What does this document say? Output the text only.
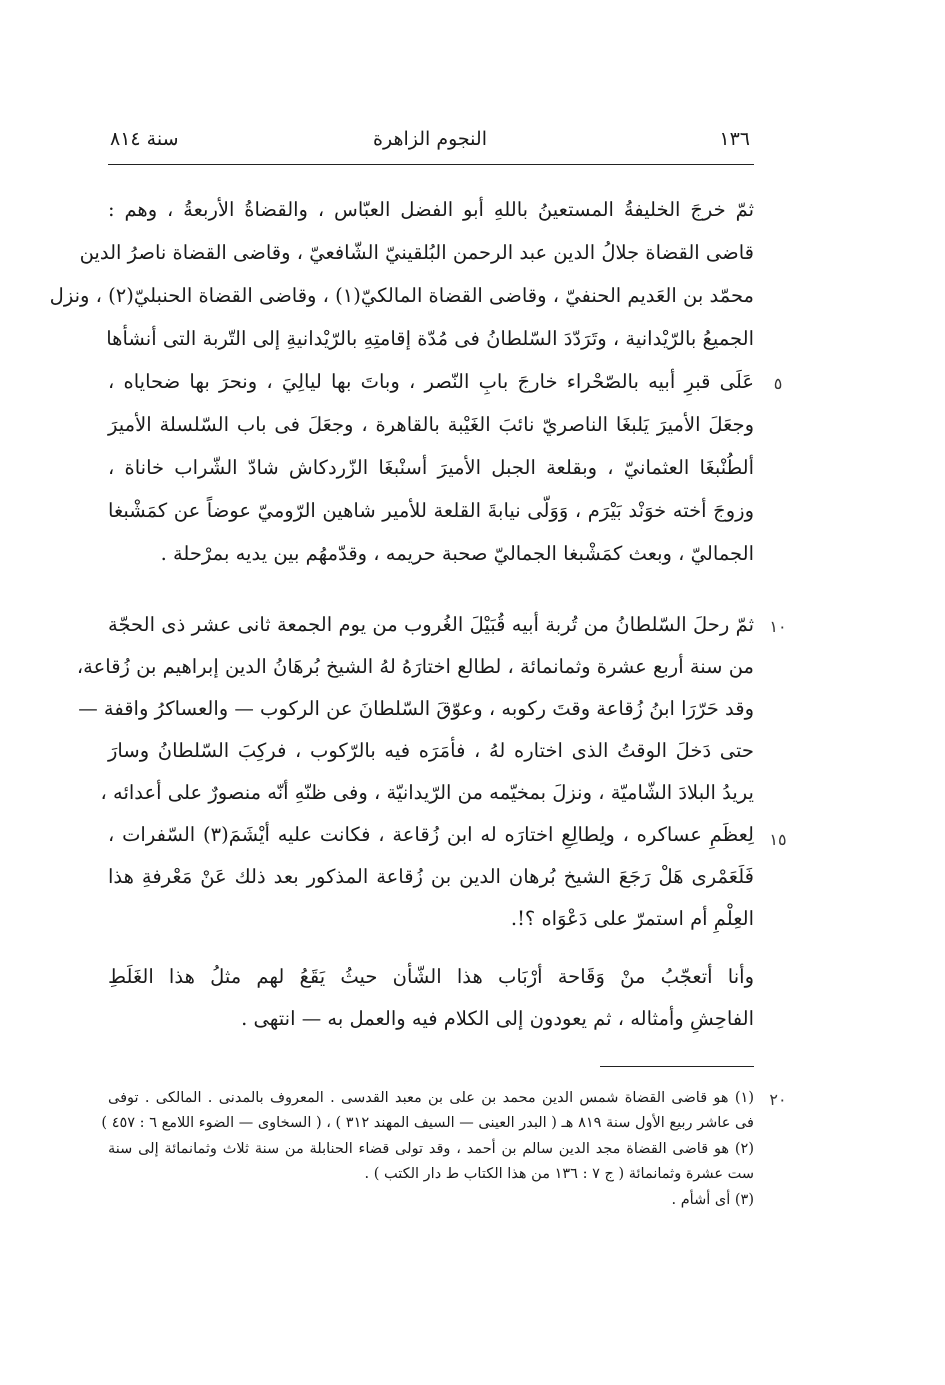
١٣٦
النجوم الزاهرة
سنة ٨١٤
ثمّ خرجَ الخليفةُ المستعينُ باللهِ أبو الفضل العبّاس ، والقضاةُ الأربعةُ ، وهم :
قاضى القضاة جلالُ الدين عبد الرحمن البُلقينيّ الشّافعيّ ، وقاضى القضاة ناصرُ الدين
محمّد بن العَديم الحنفيّ ، وقاضى القضاة المالكيّ(١) ، وقاضى القضاة الحنبليّ(٢) ، ونزل
الجميعُ بالرّيْدانية ، وتَرَدّدَ السّلطانُ فى مُدّة إقامتِهِ بالرّيْدانيةِ إلى التّربة التى أنشأها
عَلَى قبرِ أبيه بالصّحْراء خارجَ بابِ النّصر ، وباتَ بها ليالِيَ ، ونحرَ بها ضحاياه ،
وجعَلَ الأميرَ يَلبغَا الناصريّ نائبَ الغَيْبة بالقاهرة ، وجعَلَ فى باب السّلسلة الأميرَ
ألطُنْبغَا العثمانيّ ، وبقلعة الجبل الأميرَ أسنْبغَا الزّردكاش شادّ الشّراب خاناة ،
وزوجَ أخته خوَنْد بَيْرَم ، وَوَلّى نيابةَ القلعة للأمير شاهين الرّوميّ عوضاً عن كمَشْبغا
الجماليّ ، وبعث كمَشْبغا الجماليّ صحبة حريمه ، وقدّمهُم بين يديه بمرْحلة .
ثمّ رحلَ السّلطانُ من تُربة أبيه قُبَيْلَ الغُروب من يوم الجمعة ثانى عشر ذى الحجّة
من سنة أربع عشرة وثمانمائة ، لطالع اختارَهُ لهُ الشيخ بُرهَانُ الدين إبراهيم بن زُقاعة،
وقد حَرّرَا ابنُ زُقاعة وقتَ ركوبه ، وعوّقَ السّلطانَ عن الركوب — والعساكرُ واقفة —
حتى دَخلَ الوقتُ الذى اختاره لهُ ، فأمَرَه فيه بالرّكوب ، فركِبَ السّلطانُ وسارَ
يريدُ البلادَ الشّاميّة ، ونزلَ بمخيّمه من الرّيدانيّة ، وفى ظنّهِ أنّه منصورٌ على أعدائه ،
لِعظَمِ عساكره ، ولِطالِعِ اختارَه له ابن زُقاعة ، فكانت عليه أيْشَمَ(٣) السّفرات ،
فَلَعَمْرى هَلْ رَجَعَ الشيخ بُرهان الدين بن زُقاعة المذكور بعد ذلك عَنْ مَعْرفةِ هذا
العِلْمِ أم استمرّ على دَعْوَاه ؟!.
وأنا أتعجّبُ منْ وَقَاحة أرْبَاب هذا الشّأن حيثُ يَقَعُ لهم مثلُ هذا الغَلَطِ
الفاحِشِ وأمثاله ، ثم يعودون إلى الكلام فيه والعمل به — انتهى .
٥
١٠
١٥
٢٠
(١) هو قاضى القضاة شمس الدين محمد بن على بن معبد القدسى . المعروف بالمدنى . المالكى . توفى
فى عاشر ربيع الأول سنة ٨١٩ هـ ( البدر العينى — السيف المهند ٣١٢ ) ، ( السخاوى — الضوء اللامع ٦ : ٤٥٧ )
(٢) هو قاضى القضاة مجد الدين سالم بن أحمد ، وقد تولى قضاء الحنابلة من سنة ثلاث وثمانمائة إلى سنة
ست عشرة وثمانمائة ( ج ٧ : ١٣٦ من هذا الكتاب ط دار الكتب ) .
(٣) أى أشأم .
